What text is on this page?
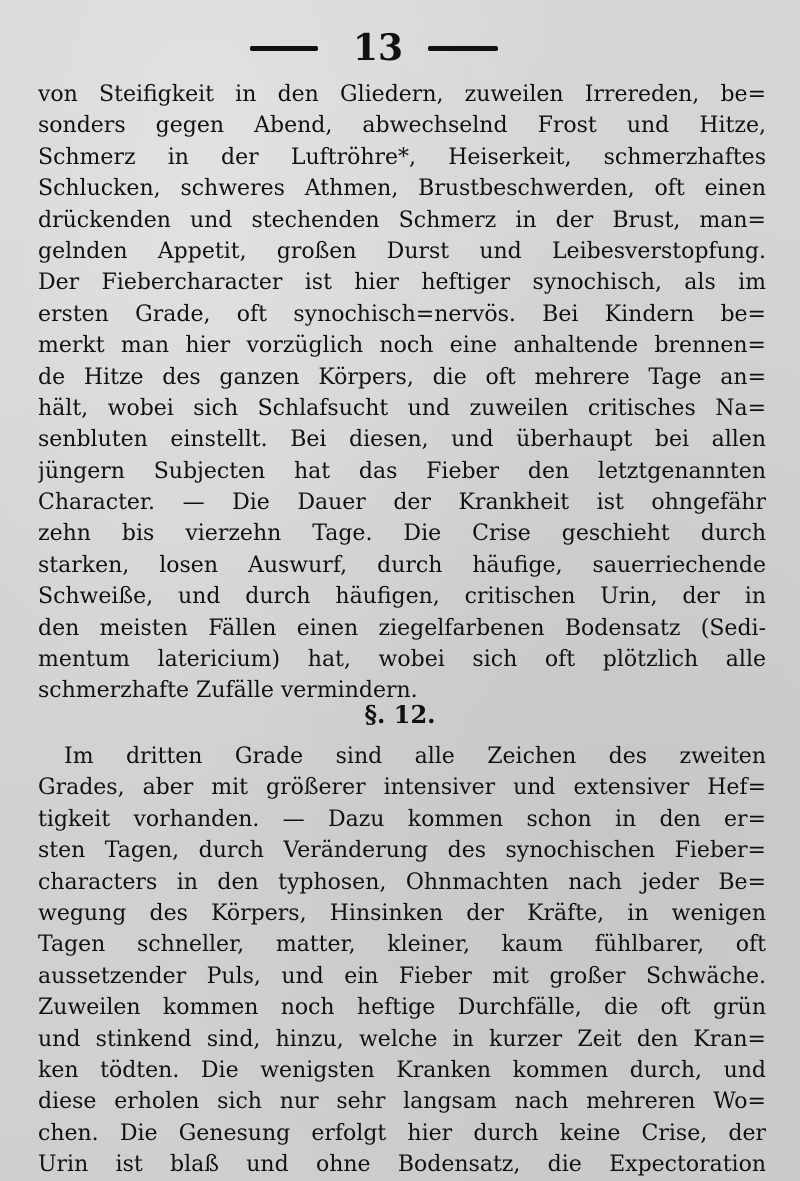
13
von Steifigkeit in den Gliedern, zuweilen Irrereden, be=
sonders gegen Abend, abwechselnd Frost und Hitze,
Schmerz in der Luftröhre*, Heiserkeit, schmerzhaftes
Schlucken, schweres Athmen, Brustbeschwerden, oft einen
drückenden und stechenden Schmerz in der Brust, man=
gelnden Appetit, großen Durst und Leibesverstopfung.
Der Fiebercharacter ist hier heftiger synochisch, als im
ersten Grade, oft synochisch=nervös. Bei Kindern be=
merkt man hier vorzüglich noch eine anhaltende brennen=
de Hitze des ganzen Körpers, die oft mehrere Tage an=
hält, wobei sich Schlafsucht und zuweilen critisches Na=
senbluten einstellt. Bei diesen, und überhaupt bei allen
jüngern Subjecten hat das Fieber den letztgenannten
Character. — Die Dauer der Krankheit ist ohngefähr
zehn bis vierzehn Tage. Die Crise geschieht durch
starken, losen Auswurf, durch häufige, sauerriechende
Schweiße, und durch häufigen, critischen Urin, der in
den meisten Fällen einen ziegelfarbenen Bodensatz (Sedi-
mentum latericium) hat, wobei sich oft plötzlich alle
schmerzhafte Zufälle vermindern.
§. 12.
Im dritten Grade sind alle Zeichen des zweiten
Grades, aber mit größerer intensiver und extensiver Hef=
tigkeit vorhanden. — Dazu kommen schon in den er=
sten Tagen, durch Veränderung des synochischen Fieber=
characters in den typhosen, Ohnmachten nach jeder Be=
wegung des Körpers, Hinsinken der Kräfte, in wenigen
Tagen schneller, matter, kleiner, kaum fühlbarer, oft
aussetzender Puls, und ein Fieber mit großer Schwäche.
Zuweilen kommen noch heftige Durchfälle, die oft grün
und stinkend sind, hinzu, welche in kurzer Zeit den Kran=
ken tödten. Die wenigsten Kranken kommen durch, und
diese erholen sich nur sehr langsam nach mehreren Wo=
chen. Die Genesung erfolgt hier durch keine Crise, der
Urin ist blaß und ohne Bodensatz, die Expectoration
